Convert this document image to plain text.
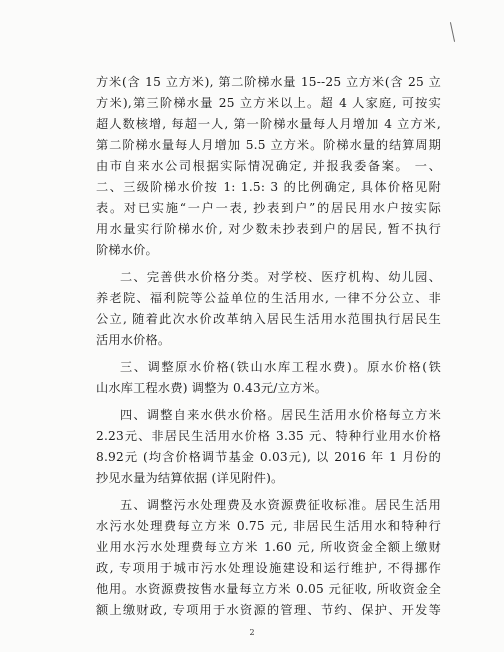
方米(含 15 立方米), 第二阶梯水量 15--25 立方米(含 25 立
方米),第三阶梯水量 25 立方米以上。超 4 人家庭, 可按实
超人数核增, 每超一人, 第一阶梯水量每人月增加 4 立方米,
第二阶梯水量每人月增加 5.5 立方米。阶梯水量的结算周期
由市自来水公司根据实际情况确定, 并报我委备案。 一、
二、三级阶梯水价按 1: 1.5: 3 的比例确定, 具体价格见附
表。对已实施“一户一表, 抄表到户”的居民用水户按实际
用水量实行阶梯水价, 对少数未抄表到户的居民, 暂不执行
阶梯水价。
二、完善供水价格分类。对学校、医疗机构、幼儿园、
养老院、福利院等公益单位的生活用水, 一律不分公立、非
公立, 随着此次水价改革纳入居民生活用水范围执行居民生
活用水价格。
三、调整原水价格(铁山水库工程水费)。原水价格(铁
山水库工程水费) 调整为 0.43元/立方米。
四、调整自来水供水价格。居民生活用水价格每立方米
2.23元、非居民生活用水价格 3.35 元、特种行业用水价格
8.92元 (均含价格调节基金 0.03元), 以 2016 年 1 月份的
抄见水量为结算依据 (详见附件)。
五、调整污水处理费及水资源费征收标准。居民生活用
水污水处理费每立方米 0.75 元, 非居民生活用水和特种行
业用水污水处理费每立方米 1.60 元, 所收资金全额上缴财
政, 专项用于城市污水处理设施建设和运行维护, 不得挪作
他用。水资源费按售水量每立方米 0.05 元征收, 所收资金全
额上缴财政, 专项用于水资源的管理、节约、保护、开发等
2
